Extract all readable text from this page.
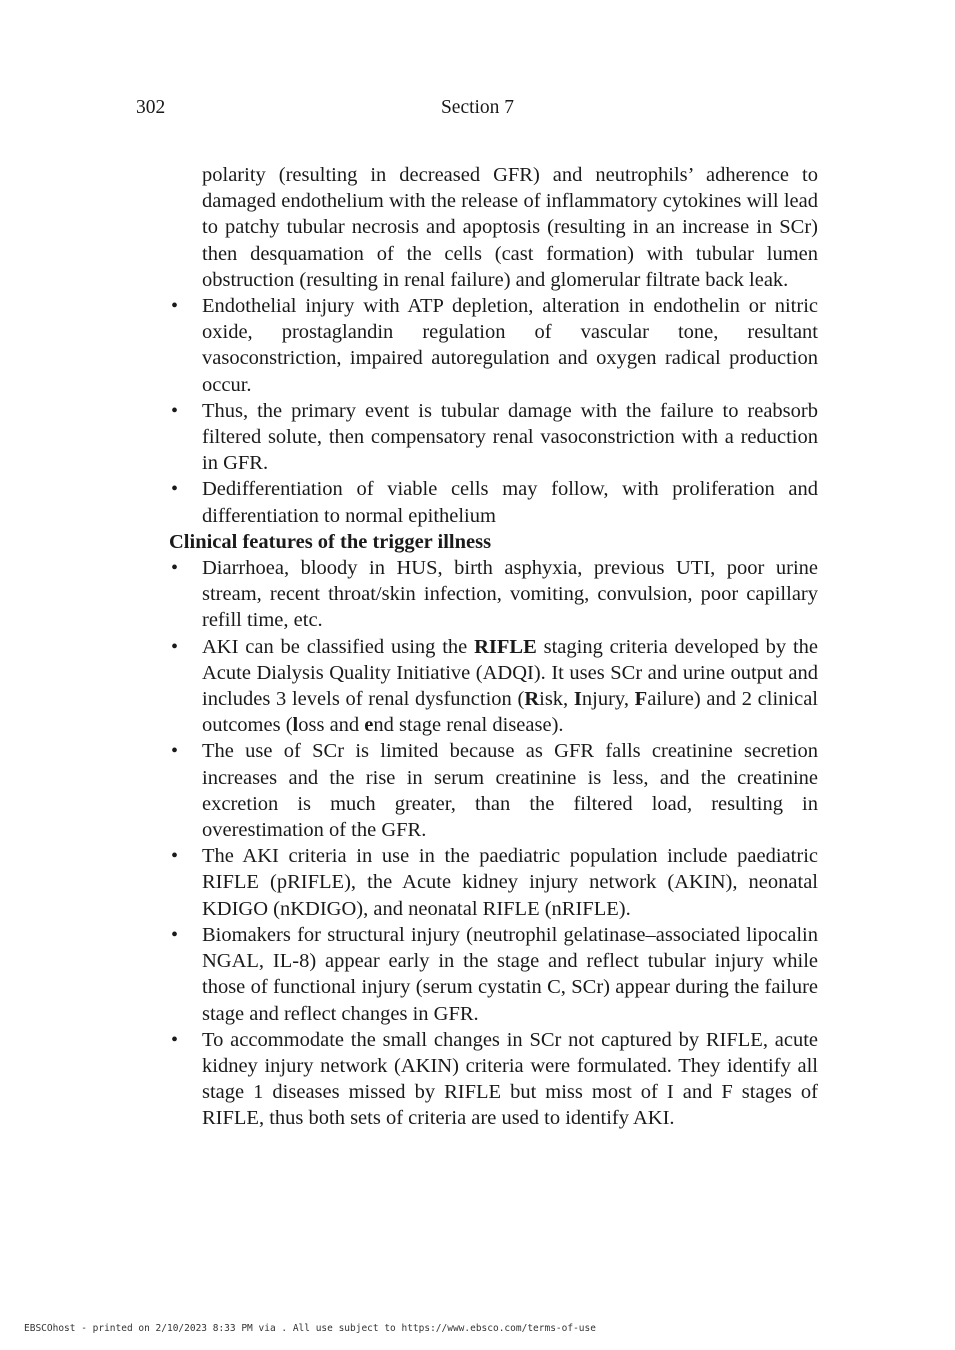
302	Section 7

polarity (resulting in decreased GFR) and neutrophils’ adherence to damaged endothelium with the release of inflammatory cytokines will lead to patchy tubular necrosis and apoptosis (resulting in an increase in SCr) then desquamation of the cells (cast formation) with tubular lumen obstruction (resulting in renal failure) and glomerular filtrate back leak.

• Endothelial injury with ATP depletion, alteration in endothelin or nitric oxide, prostaglandin regulation of vascular tone, resultant vasoconstriction, impaired autoregulation and oxygen radical production occur.
• Thus, the primary event is tubular damage with the failure to reabsorb filtered solute, then compensatory renal vasoconstriction with a reduction in GFR.
• Dedifferentiation of viable cells may follow, with proliferation and differentiation to normal epithelium

Clinical features of the trigger illness

• Diarrhoea, bloody in HUS, birth asphyxia, previous UTI, poor urine stream, recent throat/skin infection, vomiting, convulsion, poor capillary refill time, etc.
• AKI can be classified using the RIFLE staging criteria developed by the Acute Dialysis Quality Initiative (ADQI). It uses SCr and urine output and includes 3 levels of renal dysfunction (Risk, Injury, Failure) and 2 clinical outcomes (loss and end stage renal disease).
• The use of SCr is limited because as GFR falls creatinine secretion increases and the rise in serum creatinine is less, and the creatinine excretion is much greater, than the filtered load, resulting in overestimation of the GFR.
• The AKI criteria in use in the paediatric population include paediatric RIFLE (pRIFLE), the Acute kidney injury network (AKIN), neonatal KDIGO (nKDIGO), and neonatal RIFLE (nRIFLE).
• Biomakers for structural injury (neutrophil gelatinase–associated lipocalin NGAL, IL-8) appear early in the stage and reflect tubular injury while those of functional injury (serum cystatin C, SCr) appear during the failure stage and reflect changes in GFR.
• To accommodate the small changes in SCr not captured by RIFLE, acute kidney injury network (AKIN) criteria were formulated. They identify all stage 1 diseases missed by RIFLE but miss most of I and F stages of RIFLE, thus both sets of criteria are used to identify AKI.
EBSCOhost - printed on 2/10/2023 8:33 PM via . All use subject to https://www.ebsco.com/terms-of-use
